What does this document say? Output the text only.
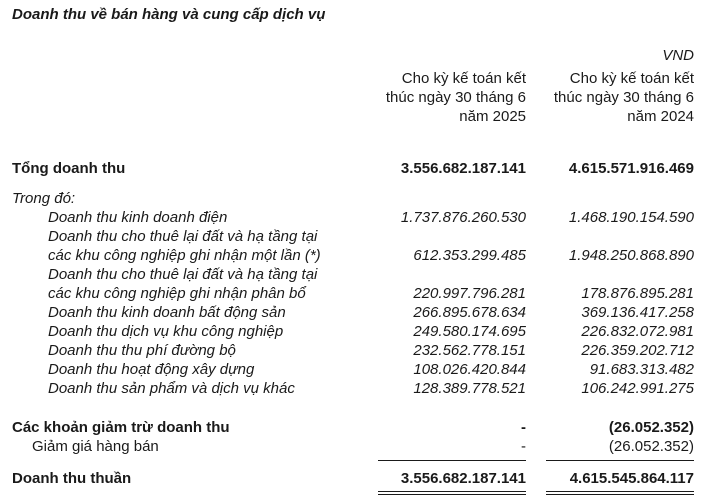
Doanh thu về bán hàng và cung cấp dịch vụ
VND
Cho kỳ kế toán kết
thúc ngày 30 tháng 6
năm 2025
Cho kỳ kế toán kết
thúc ngày 30 tháng 6
năm 2024
Tổng doanh thu	3.556.682.187.141	4.615.571.916.469
Trong đó:
Doanh thu kinh doanh điện	1.737.876.260.530	1.468.190.154.590
Doanh thu cho thuê lại đất và hạ tầng tại
các khu công nghiệp ghi nhận một lần (*)	612.353.299.485	1.948.250.868.890
Doanh thu cho thuê lại đất và hạ tầng tại
các khu công nghiệp ghi nhận phân bổ	220.997.796.281	178.876.895.281
Doanh thu kinh doanh bất động sản	266.895.678.634	369.136.417.258
Doanh thu dịch vụ khu công nghiệp	249.580.174.695	226.832.072.981
Doanh thu thu phí đường bộ	232.562.778.151	226.359.202.712
Doanh thu hoạt động xây dựng	108.026.420.844	91.683.313.482
Doanh thu sản phẩm và dịch vụ khác	128.389.778.521	106.242.991.275
Các khoản giảm trừ doanh thu	-	(26.052.352)
Giảm giá hàng bán	-	(26.052.352)
Doanh thu thuần	3.556.682.187.141	4.615.545.864.117
